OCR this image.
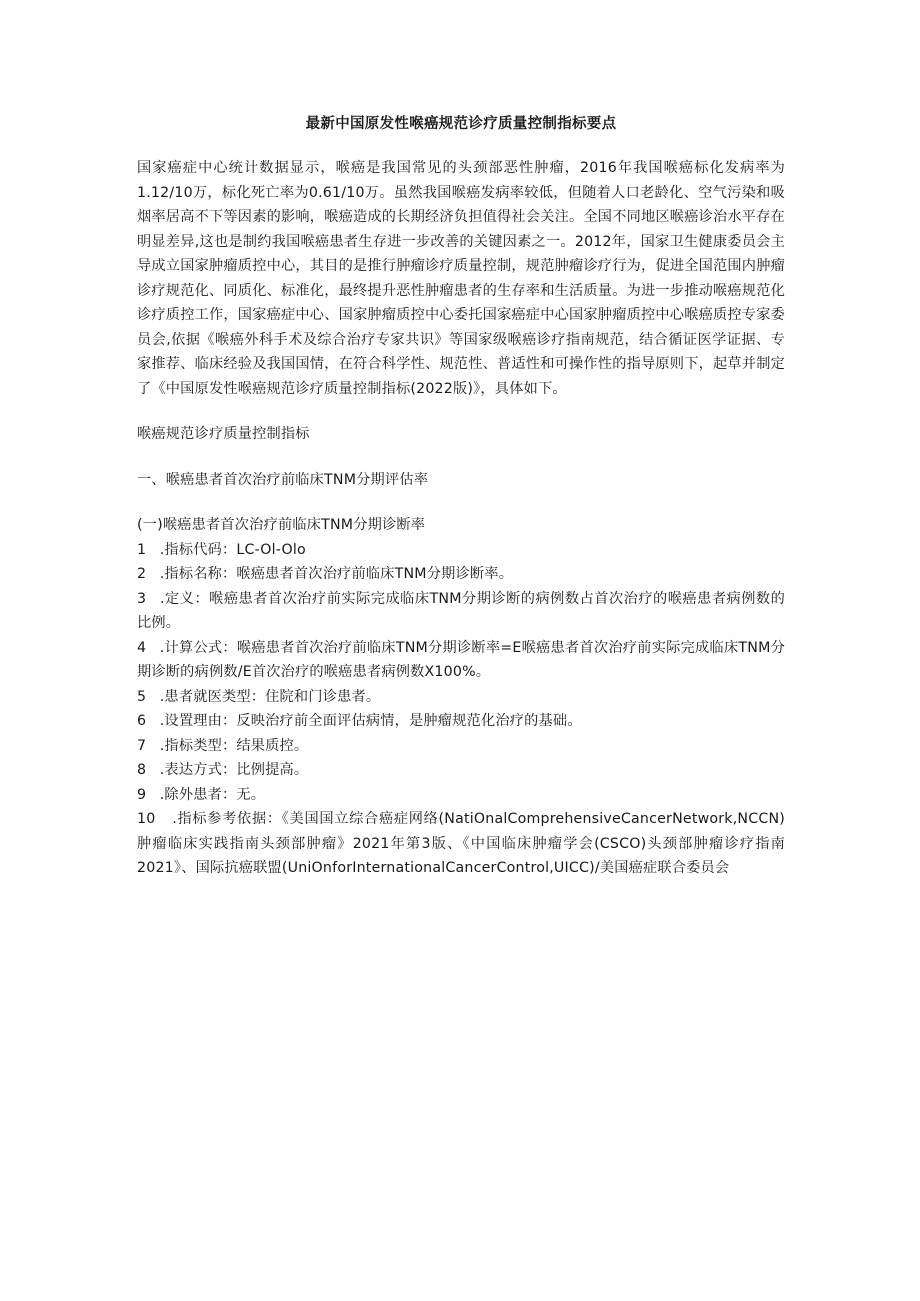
最新中国原发性喉癌规范诊疗质量控制指标要点

国家癌症中心统计数据显示，喉癌是我国常见的头颈部恶性肿瘤，2016年我国喉癌标化发病率为1.12/10万，标化死亡率为0.61/10万。虽然我国喉癌发病率较低，但随着人口老龄化、空气污染和吸烟率居高不下等因素的影响，喉癌造成的长期经济负担值得社会关注。全国不同地区喉癌诊治水平存在明显差异,这也是制约我国喉癌患者生存进一步改善的关键因素之一。2012年，国家卫生健康委员会主导成立国家肿瘤质控中心，其目的是推行肿瘤诊疗质量控制，规范肿瘤诊疗行为，促进全国范围内肿瘤诊疗规范化、同质化、标准化，最终提升恶性肿瘤患者的生存率和生活质量。为进一步推动喉癌规范化诊疗质控工作，国家癌症中心、国家肿瘤质控中心委托国家癌症中心国家肿瘤质控中心喉癌质控专家委员会,依据《喉癌外科手术及综合治疗专家共识》等国家级喉癌诊疗指南规范，结合循证医学证据、专家推荐、临床经验及我国国情，在符合科学性、规范性、普适性和可操作性的指导原则下，起草并制定了《中国原发性喉癌规范诊疗质量控制指标(2022版)》，具体如下。

喉癌规范诊疗质量控制指标

一、喉癌患者首次治疗前临床TNM分期评估率

(一)喉癌患者首次治疗前临床TNM分期诊断率

1 .指标代码：LC-Ol-Olo

2 .指标名称：喉癌患者首次治疗前临床TNM分期诊断率。

3 .定义：喉癌患者首次治疗前实际完成临床TNM分期诊断的病例数占首次治疗的喉癌患者病例数的比例。

4 .计算公式：喉癌患者首次治疗前临床TNM分期诊断率=E喉癌患者首次治疗前实际完成临床TNM分期诊断的病例数/E首次治疗的喉癌患者病例数X100%。

5 .患者就医类型：住院和门诊患者。

6 .设置理由：反映治疗前全面评估病情，是肿瘤规范化治疗的基础。

7 .指标类型：结果质控。

8 .表达方式：比例提高。

9 .除外患者：无。

10 .指标参考依据：《美国国立综合癌症网络(NatiOnalComprehensiveCancerNetwork,NCCN)肿瘤临床实践指南头颈部肿瘤》2021年第3版、《中国临床肿瘤学会(CSCO)头颈部肿瘤诊疗指南2021》、国际抗癌联盟(UniOnforInternationalCancerControl,UICC)/美国癌症联合委员会
